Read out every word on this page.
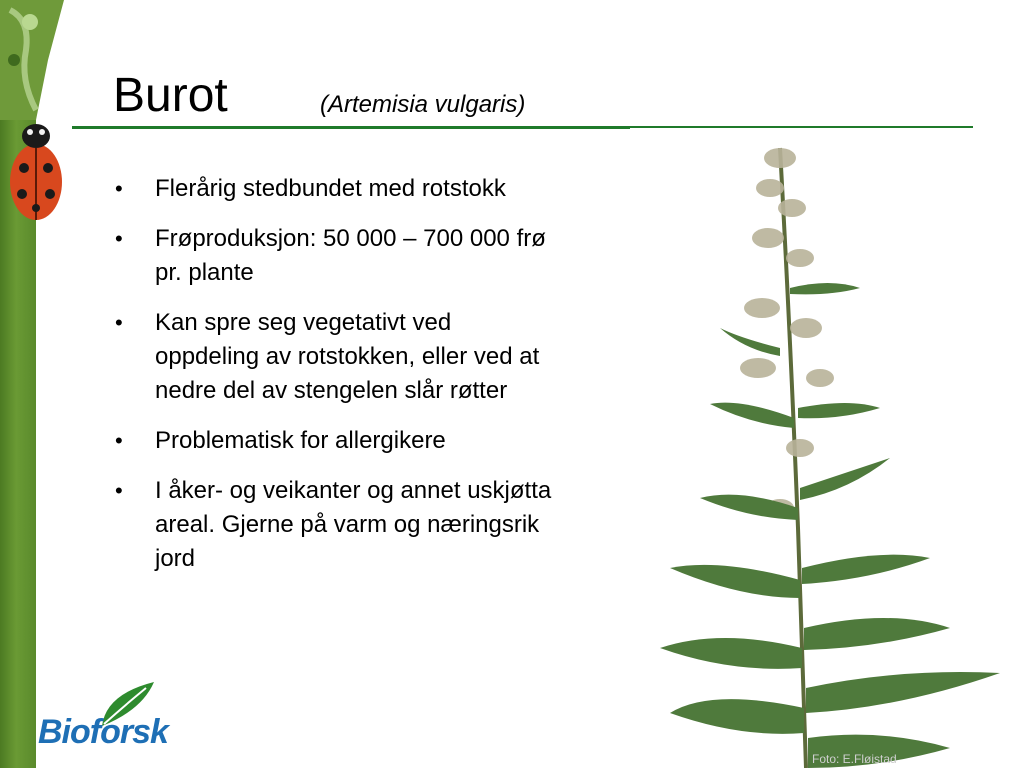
Burot	(Artemisia vulgaris)
• Flerårig stedbundet med rotstokk
• Frøproduksjon: 50 000 – 700 000 frø pr. plante
• Kan spre seg vegetativt ved oppdeling av rotstokken, eller ved at nedre del av stengelen slår røtter
• Problematisk for allergikere
• I åker- og veikanter og annet uskjøtta areal. Gjerne på varm og næringsrik jord
Foto: E.Fløistad
Bioforsk
